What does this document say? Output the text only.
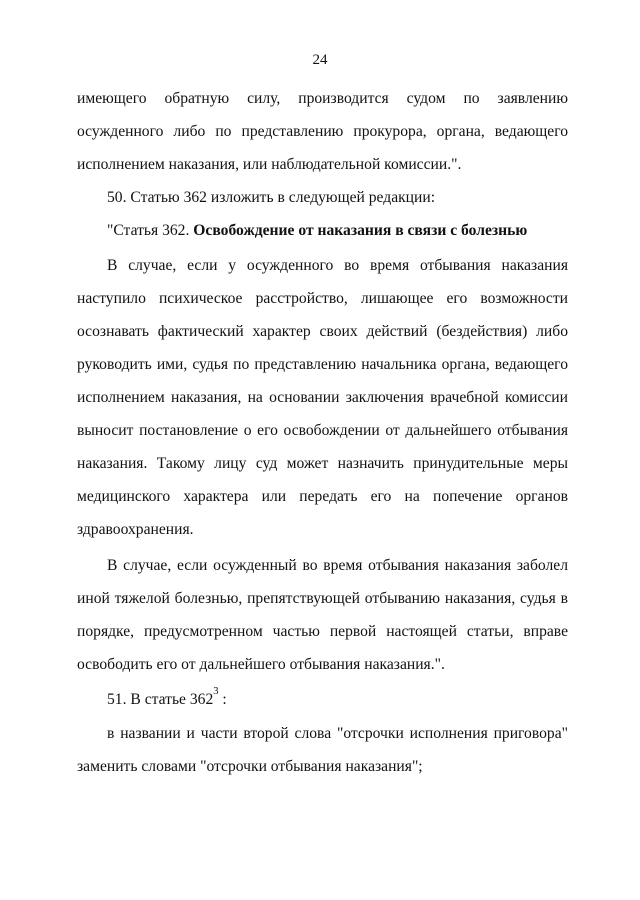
24
имеющего обратную силу, производится судом по заявлению
осужденного либо по представлению прокурора, органа, ведающего
исполнением наказания, или наблюдательной комиссии.".
50. Статью 362 изложить в следующей редакции:
"Статья 362. Освобождение от наказания в связи с болезнью
В случае, если у осужденного во время отбывания наказания
наступило психическое расстройство, лишающее его возможности
осознавать фактический характер своих действий (бездействия) либо
руководить ими, судья по представлению начальника органа, ведающего
исполнением наказания, на основании заключения врачебной комиссии
выносит постановление о его освобождении от дальнейшего отбывания
наказания. Такому лицу суд может назначить принудительные меры
медицинского характера или передать его на попечение органов
здравоохранения.
В случае, если осужденный во время отбывания наказания заболел
иной тяжелой болезнью, препятствующей отбыванию наказания, судья в
порядке, предусмотренном частью первой настоящей статьи, вправе
освободить его от дальнейшего отбывания наказания.".
51. В статье $362^3$ :
в названии и части второй слова "отсрочки исполнения приговора"
заменить словами "отсрочки отбывания наказания";
